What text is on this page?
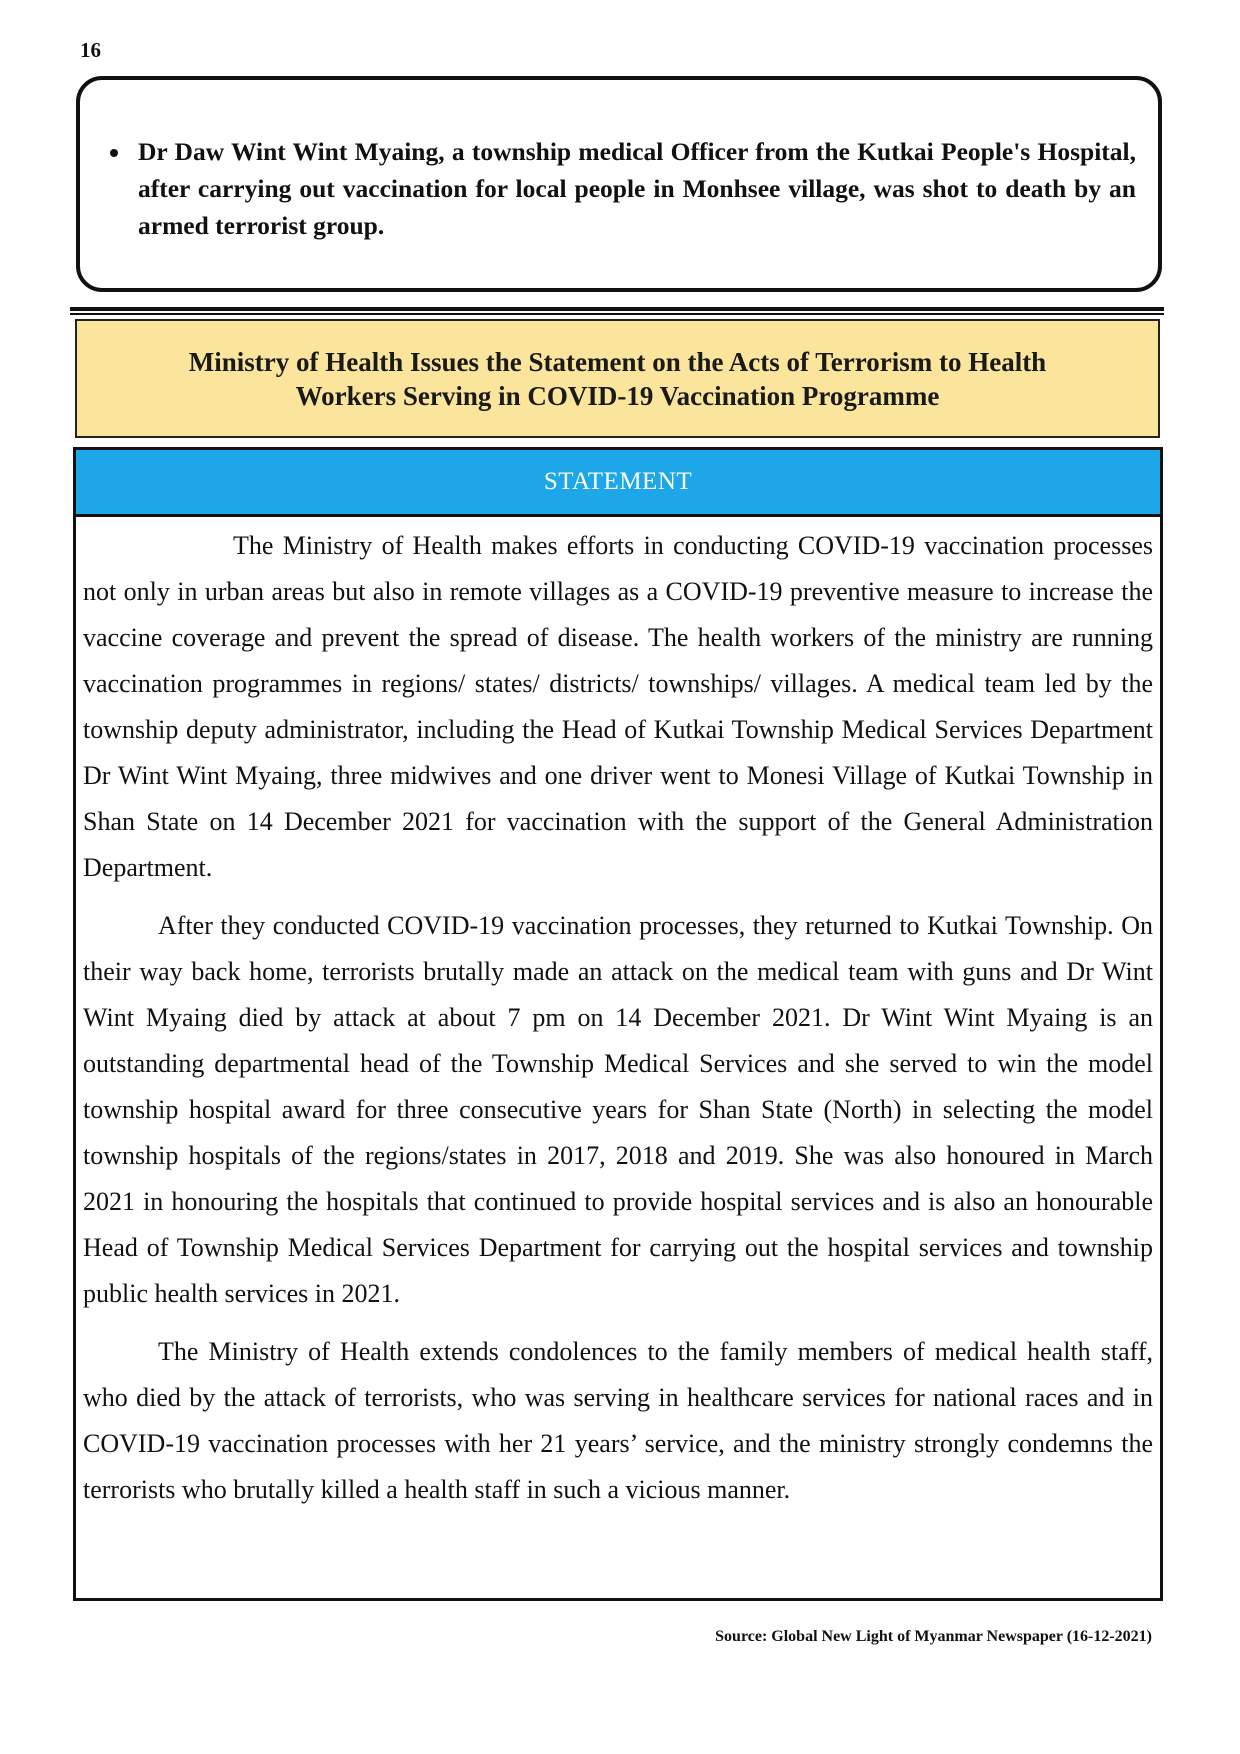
16
• Dr Daw Wint Wint Myaing, a township medical Officer from the Kutkai People's Hospital, after carrying out vaccination for local people in Monhsee village, was shot to death by an armed terrorist group.
Ministry of Health Issues the Statement on the Acts of Terrorism to Health
Workers Serving in COVID-19 Vaccination Programme
STATEMENT

The Ministry of Health makes efforts in conducting COVID-19 vaccination processes not only in urban areas but also in remote villages as a COVID-19 preventive measure to increase the vaccine coverage and prevent the spread of disease. The health workers of the ministry are running vaccination programmes in regions/ states/ districts/ townships/ villages. A medical team led by the township deputy administrator, including the Head of Kutkai Township Medical Services Department Dr Wint Wint Myaing, three midwives and one driver went to Monesi Village of Kutkai Township in Shan State on 14 December 2021 for vaccination with the support of the General Administration Department.

After they conducted COVID-19 vaccination processes, they returned to Kutkai Township. On their way back home, terrorists brutally made an attack on the medical team with guns and Dr Wint Wint Myaing died by attack at about 7 pm on 14 December 2021. Dr Wint Wint Myaing is an outstanding departmental head of the Township Medical Services and she served to win the model township hospital award for three consecutive years for Shan State (North) in selecting the model township hospitals of the regions/states in 2017, 2018 and 2019. She was also honoured in March 2021 in honouring the hospitals that continued to provide hospital services and is also an honourable Head of Township Medical Services Department for carrying out the hospital services and township public health services in 2021.

The Ministry of Health extends condolences to the family members of medical health staff, who died by the attack of terrorists, who was serving in healthcare services for national races and in COVID-19 vaccination processes with her 21 years’ service, and the ministry strongly condemns the terrorists who brutally killed a health staff in such a vicious manner.

Source: Global New Light of Myanmar Newspaper (16-12-2021)
